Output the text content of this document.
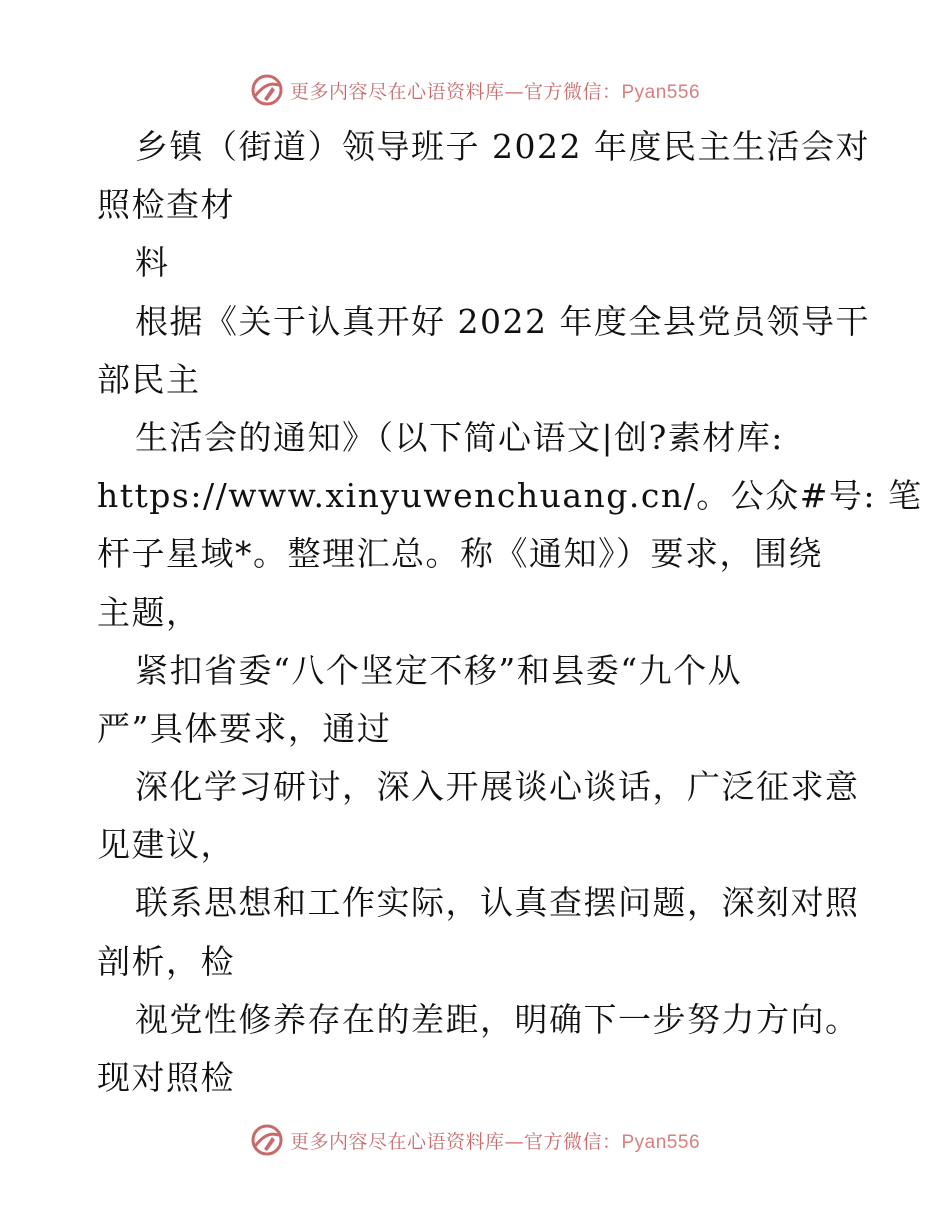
更多内容尽在心语资料库—官方微信：Pyan556
乡镇（街道）领导班子 2022 年度民主生活会对
照检查材
料
根据《关于认真开好 2022 年度全县党员领导干
部民主
生活会的通知》（以下简心语文|创?素材库:
https://www.xinyuwenchuang.cn/。公众#号: 笔
杆子星域*。整理汇总。称《通知》）要求，围绕
主题，
紧扣省委“八个坚定不移”和县委“九个从
严”具体要求，通过
深化学习研讨，深入开展谈心谈话，广泛征求意
见建议，
联系思想和工作实际，认真查摆问题，深刻对照
剖析，检
视党性修养存在的差距，明确下一步努力方向。
现对照检
更多内容尽在心语资料库—官方微信：Pyan556
